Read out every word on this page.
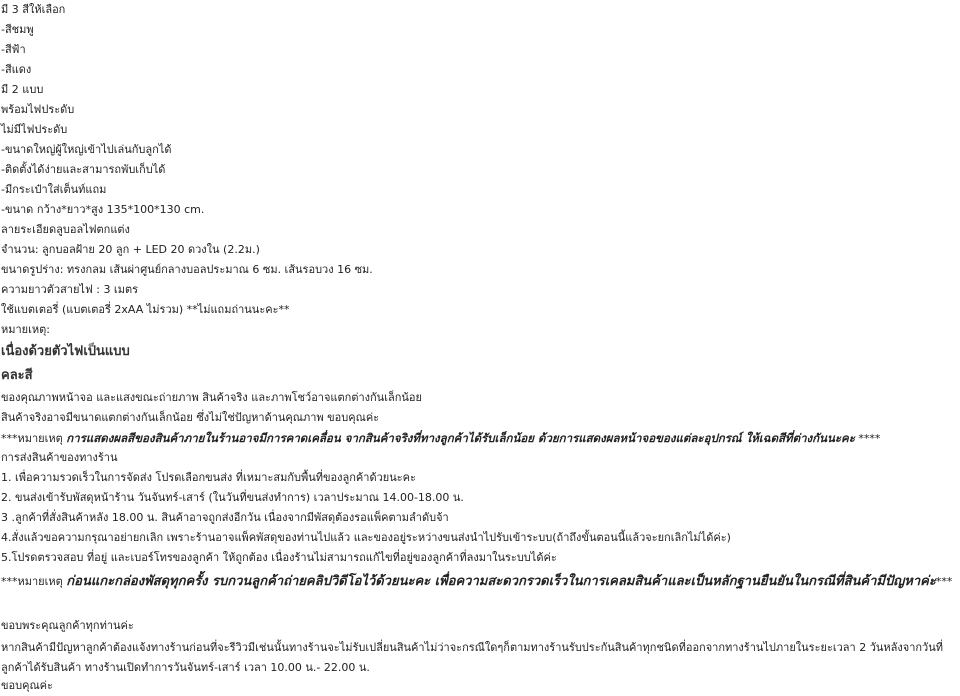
มี 3 สีให้เลือก
-สีชมพู
-สีฟ้า
-สีแดง
มี 2 แบบ
พร้อมไฟประดับ
ไม่มีไฟประดับ
-ขนาดใหญ่ผู้ใหญ่เข้าไปเล่นกับลูกได้
-ติดตั้งได้ง่ายและสามารถพับเก็บได้
-มีกระเป๋าใส่เต็นท์แถม
-ขนาด กว้าง*ยาว*สูง 135*100*130 cm.
ลายระเอียดลูบอลไฟตกแต่ง
จำนวน: ลูกบอลฝ้าย 20 ลูก + LED 20 ดวงใน (2.2ม.)
ขนาดรูปร่าง: ทรงกลม เส้นผ่าศูนย์กลางบอลประมาณ 6 ซม. เส้นรอบวง 16 ซม.
ความยาวตัวสายไฟ : 3 เมตร
ใช้แบตเตอรี่ (แบตเตอรี่ 2xAA ไม่รวม) **ไม่แถมถ่านนะคะ**
หมายเหตุ:
เนื่องด้วยตัวไฟเป็นแบบ
คละสี
ของคุณภาพหน้าจอ และแสงขณะถ่ายภาพ สินค้าจริง และภาพโชว์อาจแตกต่างกันเล็กน้อย
สินค้าจริงอาจมีขนาดแตกต่างกันเล็กน้อย ซึ่งไม่ใช่ปัญหาด้านคุณภาพ ขอบคุณค่ะ
***หมายเหตุ การแสดงผลสีของสินค้าภายในร้านอาจมีการคาดเคลื่อน จากสินค้าจริงที่ทางลูกค้าได้รับเล็กน้อย ด้วยการแสดงผลหน้าจอของแต่ละอุปกรณ์ ให้เฉดสีที่ต่างกันนะคะ ****
การส่งสินค้าของทางร้าน
1. เพื่อความรวดเร็วในการจัดส่ง โปรดเลือกขนส่ง ที่เหมาะสมกับพื้นที่ของลูกค้าด้วยนะคะ
2. ขนส่งเข้ารับพัสดุหน้าร้าน วันจันทร์-เสาร์ (ในวันที่ขนส่งทำการ) เวลาประมาณ 14.00-18.00 น.
3 .ลูกค้าที่สั่งสินค้าหลัง 18.00 น. สินค้าอาจถูกส่งอีกวัน เนื่องจากมีพัสดุต้องรอแพ็คตามลำดับจ้า
4.สั่งแล้วขอความกรุณาอย่ายกเลิก เพราะร้านอาจแพ็คพัสดุของท่านไปแล้ว และของอยู่ระหว่างขนส่งนำไปรับเข้าระบบ(ถ้าถึงขั้นตอนนี้แล้วจะยกเลิกไม่ได้ค่ะ)
5.โปรดตรวจสอบ ที่อยู่ และเบอร์โทรของลูกค้า ให้ถูกต้อง เนื่องร้านไม่สามารถแก้ไขที่อยู่ของลูกค้าที่ลงมาในระบบได้ค่ะ
***หมายเหตุ ก่อนแกะกล่องพัสดุทุกครั้ง รบกวนลูกค้าถ่ายคลิปวิดีโอไว้ด้วยนะคะ เพื่อความสะดวกรวดเร็วในการเคลมสินค้าและเป็นหลักฐานยืนยันในกรณีที่สินค้ามีปัญหาค่ะ***
ขอบพระคุณลูกค้าทุกท่านค่ะ
หากสินค้ามีปัญหาลูกค้าต้องแจ้งทางร้านก่อนที่จะรีวิวมีเช่นนั้นทางร้านจะไม่รับเปลี่ยนสินค้าไม่ว่าจะกรณีใดๆก็ตามทางร้านรับประกันสินค้าทุกชนิดที่ออกจากทางร้านไปภายในระยะเวลา 2 วันหลังจากวันที่ลูกค้าได้รับสินค้า ทางร้านเปิดทำการวันจันทร์-เสาร์ เวลา 10.00 น.- 22.00 น.
ขอบคุณค่ะ
